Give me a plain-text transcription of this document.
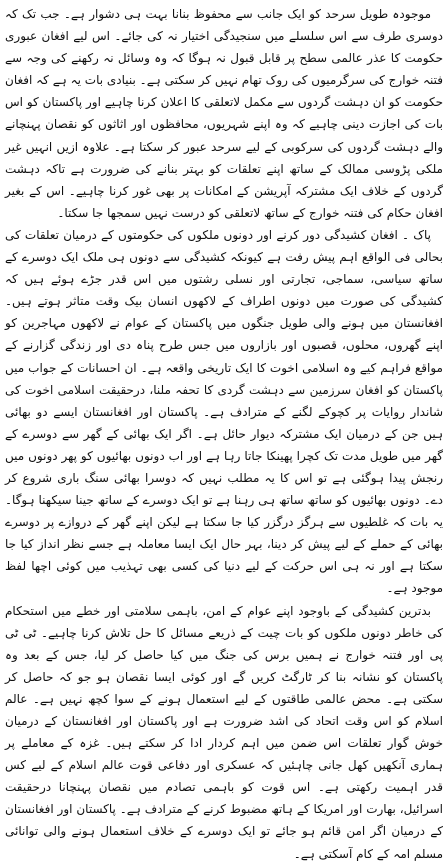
موجودہ طویل سرحد کو ایک جانب سے محفوظ بنانا بہت ہی دشوار ہے۔ جب تک کہ دوسری طرف سے اس سلسلے میں سنجیدگی اختیار نہ کی جائے۔ اس لیے افغان عبوری حکومت کا عذر عالمی سطح پر قابل قبول نہ ہوگا کہ وہ وسائل نہ رکھنے کی وجہ سے فتنہ خوارج کی سرگرمیوں کی روک تھام نہیں کر سکتی ہے۔ بنیادی بات یہ ہے کہ افغان حکومت کو ان دہشت گردوں سے مکمل لاتعلقی کا اعلان کرنا چاہیے اور پاکستان کو اس بات کی اجازت دینی چاہیے کہ وہ اپنے شہریوں، محافظوں اور اثاثوں کو نقصان پہنچانے والے دہشت گردوں کی سرکوبی کے لیے سرحد عبور کر سکتا ہے۔ علاوہ ازیں انہیں غیر ملکی پڑوسی ممالک کے ساتھ اپنے تعلقات کو بہتر بنانے کی ضرورت ہے تاکہ دہشت گردوں کے خلاف ایک مشترکہ آپریشن کے امکانات پر بھی غور کرنا چاہیے۔ اس کے بغیر افغان حکام کی فتنہ خوارج کے ساتھ لاتعلقی کو درست نہیں سمجھا جا سکتا۔

پاک ۔ افغان کشیدگی دور کرنے اور دونوں ملکوں کی حکومتوں کے درمیان تعلقات کی بحالی فی الواقع اہم پیش رفت ہے کیونکہ کشیدگی سے دونوں ہی ملک ایک دوسرے کے ساتھ سیاسی، سماجی، تجارتی اور نسلی رشتوں میں اس قدر جڑے ہوئے ہیں کہ کشیدگی کی صورت میں دونوں اطراف کے لاکھوں انسان بیک وقت متاثر ہوتے ہیں۔ افغانستان میں ہونے والی طویل جنگوں میں پاکستان کے عوام نے لاکھوں مہاجرین کو اپنے گھروں، محلوں، قصبوں اور بازاروں میں جس طرح پناہ دی اور زندگی گزارنے کے مواقع فراہم کیے وہ اسلامی اخوت کا ایک تاریخی واقعہ ہے۔ ان احسانات کے جواب میں پاکستان کو افغان سرزمین سے دہشت گردی کا تحفہ ملنا، درحقیقت اسلامی اخوت کی شاندار روایات پر کچوکے لگنے کے مترادف ہے۔ پاکستان اور افغانستان ایسے دو بھائی ہیں جن کے درمیان ایک مشترکہ دیوار حائل ہے۔ اگر ایک بھائی کے گھر سے دوسرے کے گھر میں طویل مدت تک کچرا پھینکا جاتا رہا ہے اور اب دونوں بھائیوں کو پھر دونوں میں رنجش پیدا ہوگئی ہے تو اس کا یہ مطلب نہیں کہ دوسرا بھائی سنگ باری شروع کر دے۔ دونوں بھائیوں کو ساتھ ساتھ ہی رہنا ہے تو ایک دوسرے کے ساتھ جینا سیکھنا ہوگا۔ یہ بات کہ غلطیوں سے ہرگز درگزر کیا جا سکتا ہے لیکن اپنے گھر کے دروازے پر دوسرے بھائی کے حملے کے لیے پیش کر دینا، بہر حال ایک ایسا معاملہ ہے جسے نظر انداز کیا جا سکتا ہے اور نہ ہی اس حرکت کے لیے دنیا کی کسی بھی تہذیب میں کوئی اچھا لفظ موجود ہے۔

بدترین کشیدگی کے باوجود اپنے عوام کے امن، باہمی سلامتی اور خطے میں استحکام کی خاطر دونوں ملکوں کو بات چیت کے ذریعے مسائل کا حل تلاش کرنا چاہیے۔ ٹی ٹی پی اور فتنہ خوارج نے ہمیں برس کی جنگ میں کیا حاصل کر لیا، جس کے بعد وہ پاکستان کو نشانہ بنا کر ٹارگٹ کریں گے اور کوئی ایسا نقصان ہو جو کہ حاصل کر سکتی ہے۔ محض عالمی طاقتوں کے لیے استعمال ہونے کے سوا کچھ نہیں ہے۔ عالم اسلام کو اس وقت اتحاد کی اشد ضرورت ہے اور پاکستان اور افغانستان کے درمیان خوش گوار تعلقات اس ضمن میں اہم کردار ادا کر سکتے ہیں۔ غزہ کے معاملے پر ہماری آنکھیں کھل جانی چاہئیں کہ عسکری اور دفاعی قوت عالم اسلام کے لیے کس قدر اہمیت رکھتی ہے۔ اس قوت کو باہمی تصادم میں نقصان پہنچانا درحقیقت اسرائیل، بھارت اور امریکا کے ہاتھ مضبوط کرنے کے مترادف ہے۔ پاکستان اور افغانستان کے درمیان اگر امن قائم ہو جائے تو ایک دوسرے کے خلاف استعمال ہونے والی توانائی مسلم امہ کے کام آسکتی ہے۔
